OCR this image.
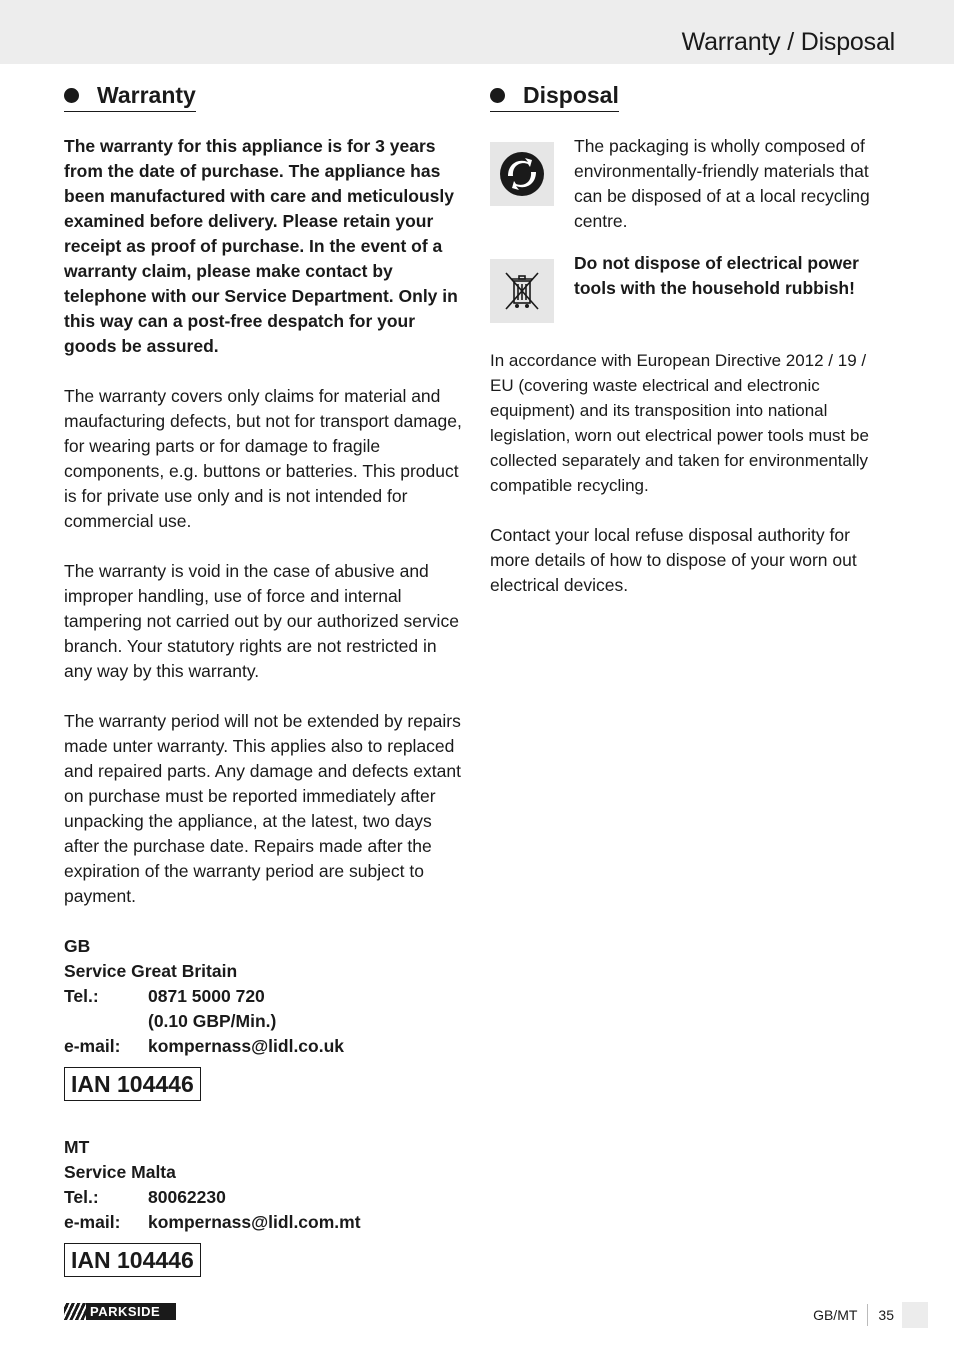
Warranty / Disposal
Warranty

The warranty for this appliance is for 3 years from the date of purchase. The appliance has been manufactured with care and meticulously examined before delivery. Please retain your receipt as proof of purchase. In the event of a warranty claim, please make contact by telephone with our Service Department. Only in this way can a post-free despatch for your goods be assured.

The warranty covers only claims for material and maufacturing defects, but not for transport damage, for wearing parts or for damage to fragile components, e.g. buttons or batteries. This product is for private use only and is not intended for commercial use.

The warranty is void in the case of abusive and improper handling, use of force and internal tampering not carried out by our authorized service branch. Your statutory rights are not restricted in any way by this warranty.

The warranty period will not be extended by repairs made unter warranty. This applies also to replaced and repaired parts. Any damage and defects extant on purchase must be reported immediately after unpacking the appliance, at the latest, two days after the purchase date. Repairs made after the expiration of the warranty period are subject to payment.

GB
Service Great Britain
Tel.:	0871 5000 720
(0.10 GBP/Min.)
e-mail:	kompernass@lidl.co.uk
IAN 104446
MT
Service Malta
Tel.:	80062230
e-mail:	kompernass@lidl.com.mt
IAN 104446
Disposal

The packaging is wholly composed of environmentally-friendly materials that can be disposed of at a local recycling centre.

Do not dispose of electrical power tools with the household rubbish!

In accordance with European Directive 2012 / 19 / EU (covering waste electrical and electronic equipment) and its transposition into national legislation, worn out electrical power tools must be collected separately and taken for environmentally compatible recycling.

Contact your local refuse disposal authority for more details of how to dispose of your worn out electrical devices.

PARKSIDE	GB/MT	35
